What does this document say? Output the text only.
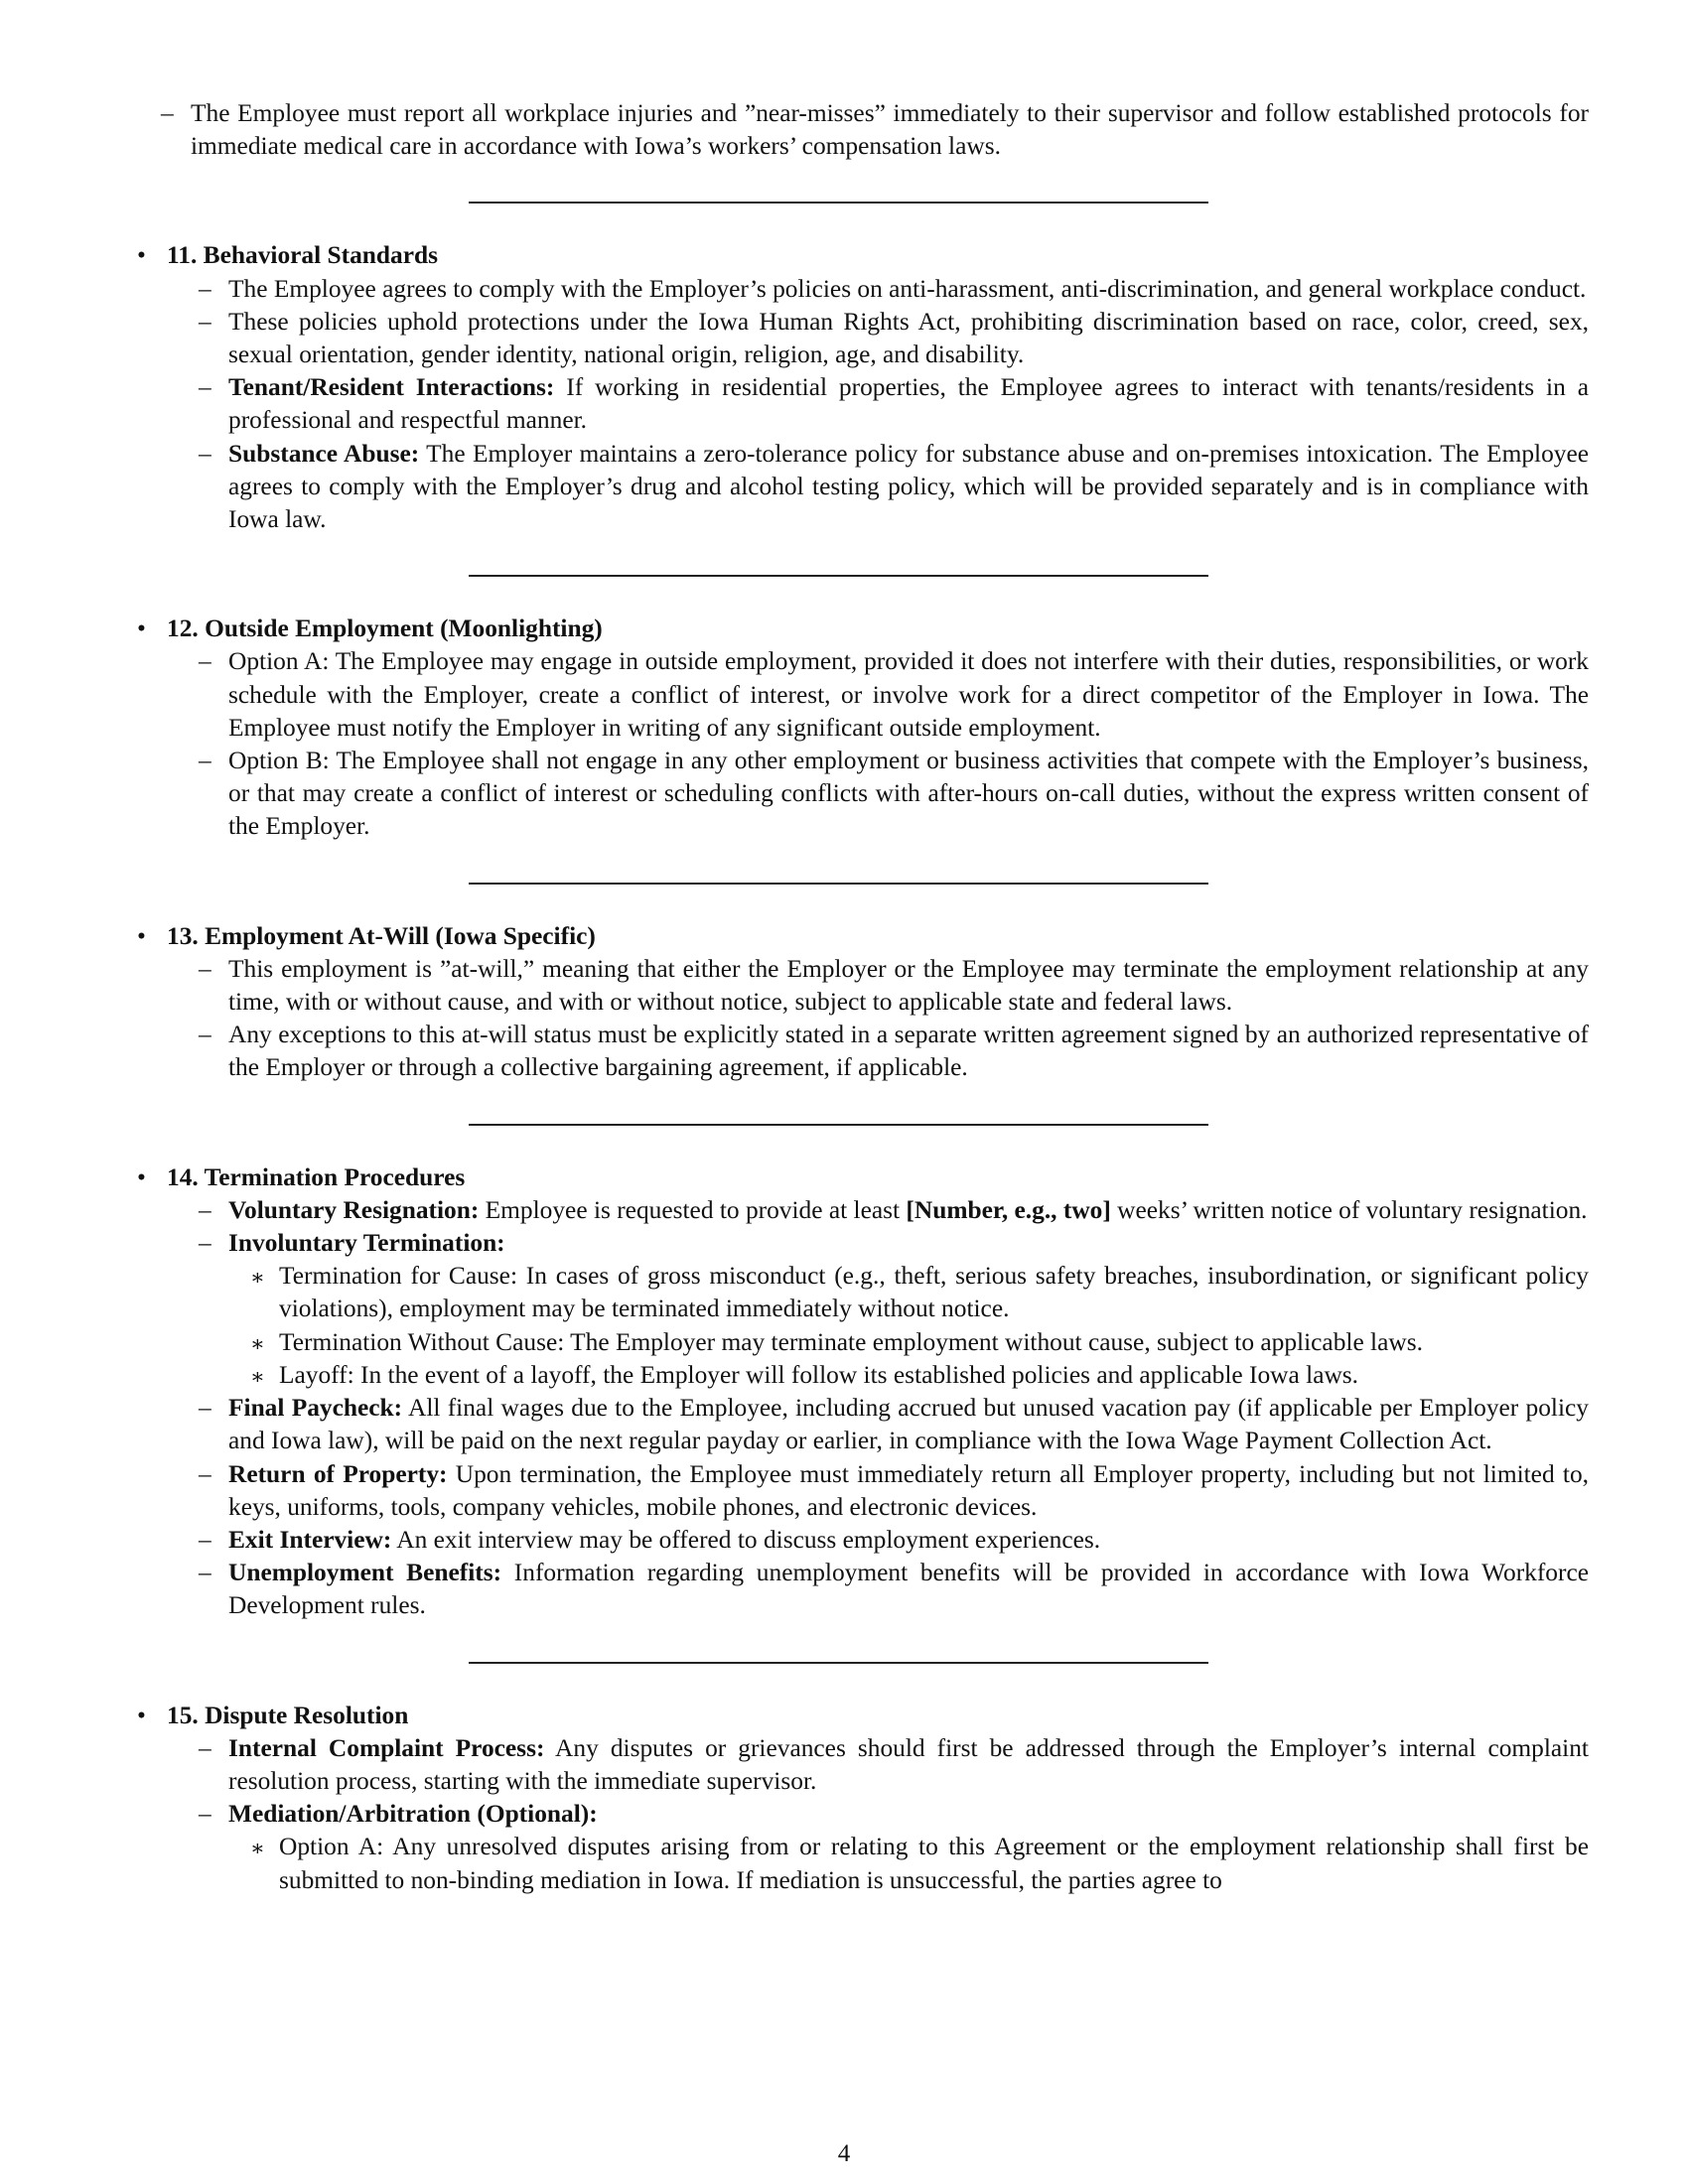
– The Employee must report all workplace injuries and ”near-misses” immediately to their supervisor and follow established protocols for immediate medical care in accordance with Iowa’s workers’ compensation laws.
• 11. Behavioral Standards
– The Employee agrees to comply with the Employer’s policies on anti-harassment, anti-discrimination, and general workplace conduct.
– These policies uphold protections under the Iowa Human Rights Act, prohibiting discrimination based on race, color, creed, sex, sexual orientation, gender identity, national origin, religion, age, and disability.
– Tenant/Resident Interactions: If working in residential properties, the Employee agrees to interact with tenants/residents in a professional and respectful manner.
– Substance Abuse: The Employer maintains a zero-tolerance policy for substance abuse and on-premises intoxication. The Employee agrees to comply with the Employer’s drug and alcohol testing policy, which will be provided separately and is in compliance with Iowa law.
• 12. Outside Employment (Moonlighting)
– Option A: The Employee may engage in outside employment, provided it does not interfere with their duties, responsibilities, or work schedule with the Employer, create a conflict of interest, or involve work for a direct competitor of the Employer in Iowa. The Employee must notify the Employer in writing of any significant outside employment.
– Option B: The Employee shall not engage in any other employment or business activities that compete with the Employer’s business, or that may create a conflict of interest or scheduling conflicts with after-hours on-call duties, without the express written consent of the Employer.
• 13. Employment At-Will (Iowa Specific)
– This employment is ”at-will,” meaning that either the Employer or the Employee may terminate the employment relationship at any time, with or without cause, and with or without notice, subject to applicable state and federal laws.
– Any exceptions to this at-will status must be explicitly stated in a separate written agreement signed by an authorized representative of the Employer or through a collective bargaining agreement, if applicable.
• 14. Termination Procedures
– Voluntary Resignation: Employee is requested to provide at least [Number, e.g., two] weeks’ written notice of voluntary resignation.
– Involuntary Termination:
∗ Termination for Cause: In cases of gross misconduct (e.g., theft, serious safety breaches, insubordination, or significant policy violations), employment may be terminated immediately without notice.
∗ Termination Without Cause: The Employer may terminate employment without cause, subject to applicable laws.
∗ Layoff: In the event of a layoff, the Employer will follow its established policies and applicable Iowa laws.
– Final Paycheck: All final wages due to the Employee, including accrued but unused vacation pay (if applicable per Employer policy and Iowa law), will be paid on the next regular payday or earlier, in compliance with the Iowa Wage Payment Collection Act.
– Return of Property: Upon termination, the Employee must immediately return all Employer property, including but not limited to, keys, uniforms, tools, company vehicles, mobile phones, and electronic devices.
– Exit Interview: An exit interview may be offered to discuss employment experiences.
– Unemployment Benefits: Information regarding unemployment benefits will be provided in accordance with Iowa Workforce Development rules.
• 15. Dispute Resolution
– Internal Complaint Process: Any disputes or grievances should first be addressed through the Employer’s internal complaint resolution process, starting with the immediate supervisor.
– Mediation/Arbitration (Optional):
∗ Option A: Any unresolved disputes arising from or relating to this Agreement or the employment relationship shall first be submitted to non-binding mediation in Iowa. If mediation is unsuccessful, the parties agree to
4
